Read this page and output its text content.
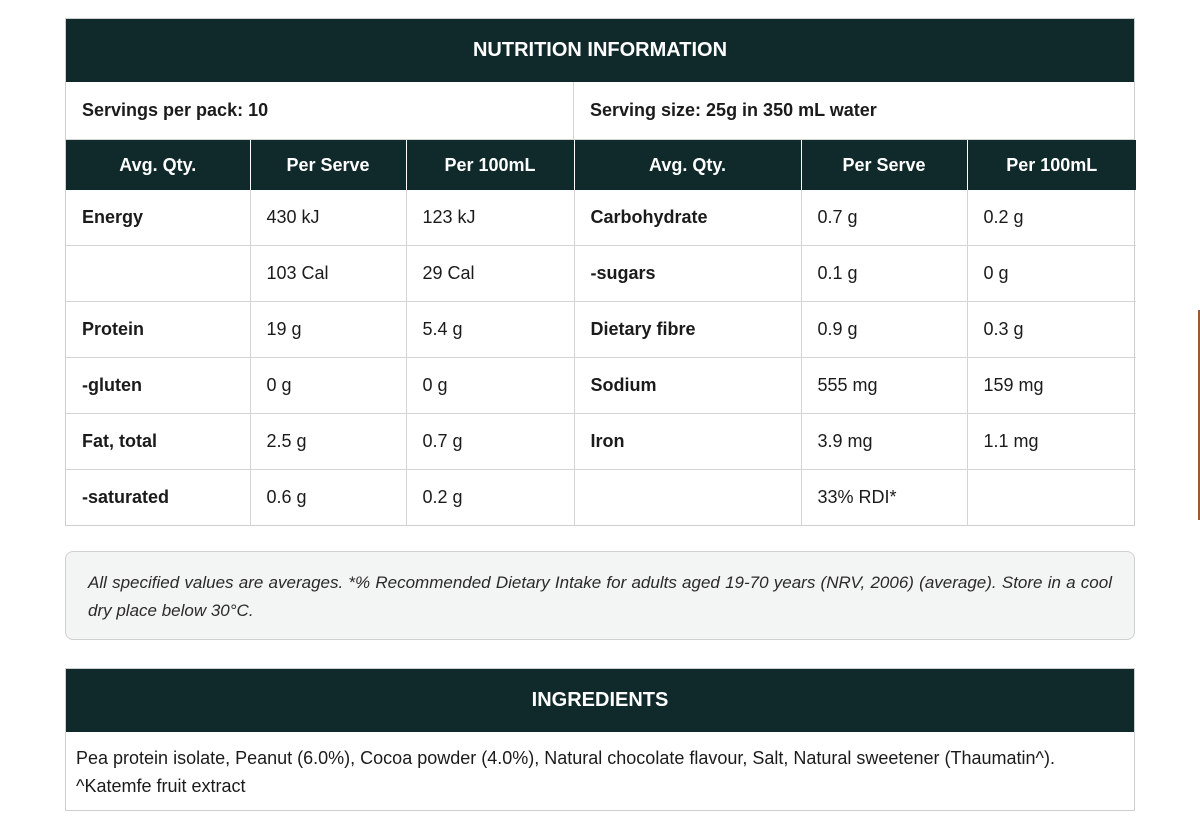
NUTRITION INFORMATION
Servings per pack: 10	Serving size: 25g in 350 mL water
Avg. Qty.	Per Serve	Per 100mL	Avg. Qty.	Per Serve	Per 100mL
Energy	430 kJ	123 kJ	Carbohydrate	0.7 g	0.2 g
	103 Cal	29 Cal	-sugars	0.1 g	0 g
Protein	19 g	5.4 g	Dietary fibre	0.9 g	0.3 g
-gluten	0 g	0 g	Sodium	555 mg	159 mg
Fat, total	2.5 g	0.7 g	Iron	3.9 mg	1.1 mg
-saturated	0.6 g	0.2 g		33% RDI*	
All specified values are averages. *% Recommended Dietary Intake for adults aged 19-70 years (NRV, 2006) (average). Store in a cool dry place below 30°C.
INGREDIENTS
Pea protein isolate, Peanut (6.0%), Cocoa powder (4.0%), Natural chocolate flavour, Salt, Natural sweetener (Thaumatin^). ^Katemfe fruit extract
